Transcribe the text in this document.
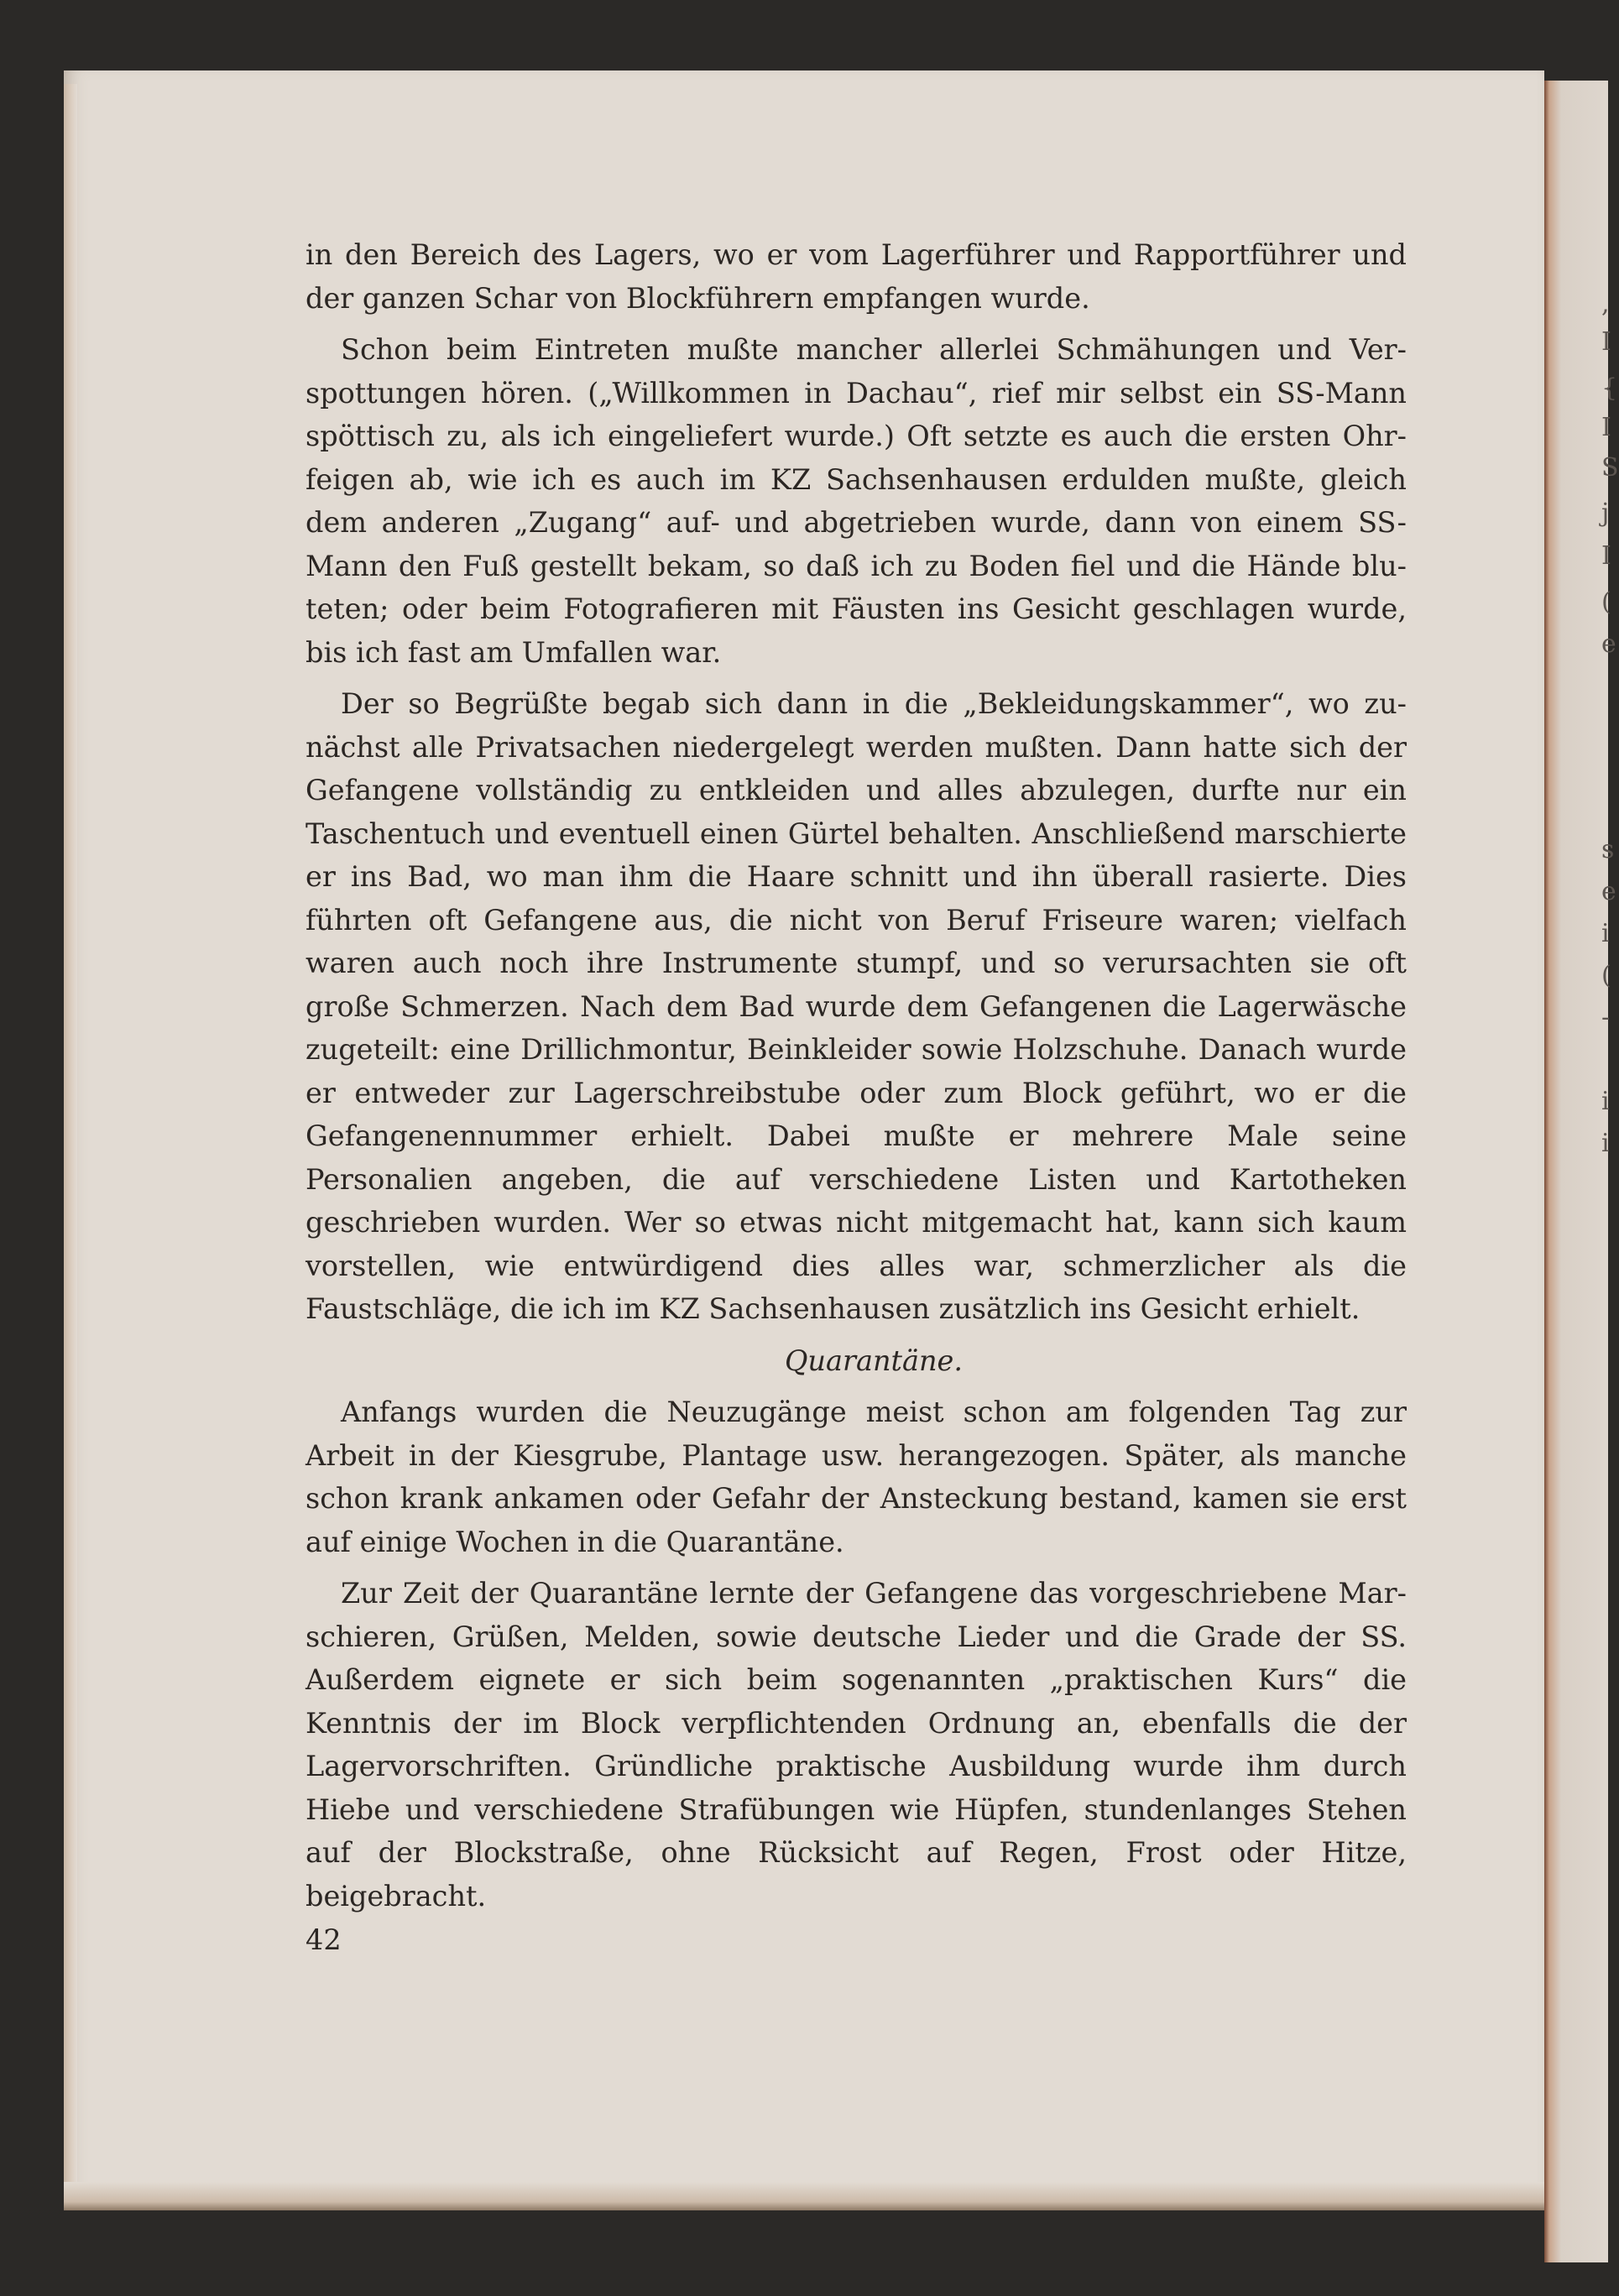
,
I
{
I
S
j
I
(
e
s
e
i
(
-
i
i

in den Bereich des Lagers, wo er vom Lagerführer und Rapportführer und der ganzen Schar von Blockführern empfangen wurde.

Schon beim Eintreten mußte mancher allerlei Schmähungen und Verspottungen hören. („Willkommen in Dachau“, rief mir selbst ein SS-Mann spöttisch zu, als ich eingeliefert wurde.) Oft setzte es auch die ersten Ohrfeigen ab, wie ich es auch im KZ Sachsenhausen erdulden mußte, gleich dem anderen „Zugang“ auf- und abgetrieben wurde, dann von einem SS-Mann den Fuß gestellt bekam, so daß ich zu Boden fiel und die Hände bluteten; oder beim Fotografieren mit Fäusten ins Gesicht geschlagen wurde, bis ich fast am Umfallen war.

Der so Begrüßte begab sich dann in die „Bekleidungskammer“, wo zunächst alle Privatsachen niedergelegt werden mußten. Dann hatte sich der Gefangene vollständig zu entkleiden und alles abzulegen, durfte nur ein Taschentuch und eventuell einen Gürtel behalten. Anschließend marschierte er ins Bad, wo man ihm die Haare schnitt und ihn überall rasierte. Dies führten oft Gefangene aus, die nicht von Beruf Friseure waren; vielfach waren auch noch ihre Instrumente stumpf, und so verursachten sie oft große Schmerzen. Nach dem Bad wurde dem Gefangenen die Lagerwäsche zugeteilt: eine Drillichmontur, Beinkleider sowie Holzschuhe. Danach wurde er entweder zur Lagerschreibstube oder zum Block geführt, wo er die Gefangenennummer erhielt. Dabei mußte er mehrere Male seine Personalien angeben, die auf verschiedene Listen und Kartotheken geschrieben wurden. Wer so etwas nicht mitgemacht hat, kann sich kaum vorstellen, wie entwürdigend dies alles war, schmerzlicher als die Faustschläge, die ich im KZ Sachsenhausen zusätzlich ins Gesicht erhielt.

Quarantäne.

Anfangs wurden die Neuzugänge meist schon am folgenden Tag zur Arbeit in der Kiesgrube, Plantage usw. herangezogen. Später, als manche schon krank ankamen oder Gefahr der Ansteckung bestand, kamen sie erst auf einige Wochen in die Quarantäne.

Zur Zeit der Quarantäne lernte der Gefangene das vorgeschriebene Marschieren, Grüßen, Melden, sowie deutsche Lieder und die Grade der SS. Außerdem eignete er sich beim sogenannten „praktischen Kurs“ die Kenntnis der im Block verpflichtenden Ordnung an, ebenfalls die der Lagervorschriften. Gründliche praktische Ausbildung wurde ihm durch Hiebe und verschiedene Strafübungen wie Hüpfen, stundenlanges Stehen auf der Blockstraße, ohne Rücksicht auf Regen, Frost oder Hitze, beigebracht.

42
